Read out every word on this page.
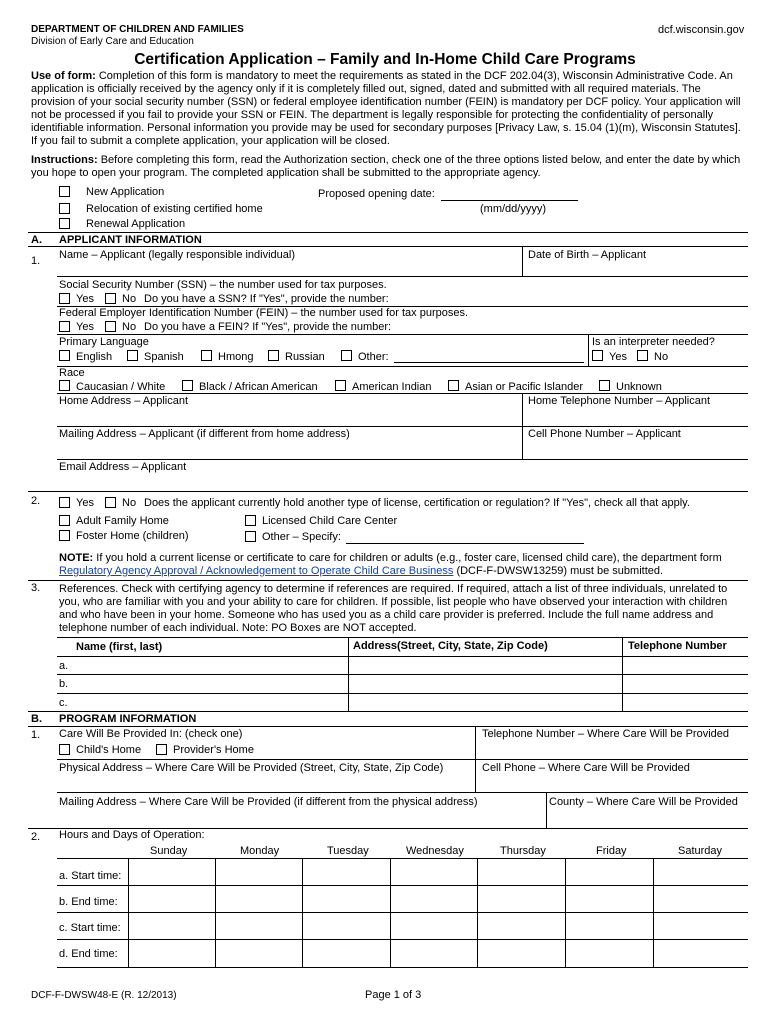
DEPARTMENT OF CHILDREN AND FAMILIES
Division of Early Care and Education
dcf.wisconsin.gov
Certification Application – Family and In-Home Child Care Programs
Use of form: Completion of this form is mandatory to meet the requirements as stated in the DCF 202.04(3), Wisconsin Administrative Code. An application is officially received by the agency only if it is completely filled out, signed, dated and submitted with all required materials. The provision of your social security number (SSN) or federal employee identification number (FEIN) is mandatory per DCF policy. Your application will not be processed if you fail to provide your SSN or FEIN. The department is legally responsible for protecting the confidentiality of personally identifiable information. Personal information you provide may be used for secondary purposes [Privacy Law, s. 15.04 (1)(m), Wisconsin Statutes]. If you fail to submit a complete application, your application will be closed.
Instructions: Before completing this form, read the Authorization section, check one of the three options listed below, and enter the date by which you hope to open your program. The completed application shall be submitted to the appropriate agency.
New Application
Relocation of existing certified home
Renewal Application
Proposed opening date:
(mm/dd/yyyy)
A. APPLICANT INFORMATION
1. Name – Applicant (legally responsible individual)	Date of Birth – Applicant
Social Security Number (SSN) – the number used for tax purposes.
Yes	No Do you have a SSN? If "Yes", provide the number:
Federal Employer Identification Number (FEIN) – the number used for tax purposes.
Yes	No Do you have a FEIN? If "Yes", provide the number:
Primary Language	Is an interpreter needed?
English	Spanish	Hmong	Russian	Other:	Yes No
Race
Caucasian / White	Black / African American	American Indian	Asian or Pacific Islander	Unknown
Home Address – Applicant	Home Telephone Number – Applicant
Mailing Address – Applicant (if different from home address)	Cell Phone Number – Applicant
Email Address – Applicant
2.	Yes	No Does the applicant currently hold another type of license, certification or regulation? If "Yes", check all that apply.
Adult Family Home
Foster Home (children)
Licensed Child Care Center
Other – Specify:
NOTE: If you hold a current license or certificate to care for children or adults (e.g., foster care, licensed child care), the department form
Regulatory Agency Approval / Acknowledgement to Operate Child Care Business (DCF-F-DWSW13259) must be submitted.
3. References. Check with certifying agency to determine if references are required. If required, attach a list of three individuals, unrelated to you, who are familiar with you and your ability to care for children. If possible, list people who have observed your interaction with children and who have been in your home. Someone who has used you as a child care provider is preferred. Include the full name address and telephone number of each individual. Note: PO Boxes are NOT accepted.
Name (first, last)	Address(Street, City, State, Zip Code)	Telephone Number
a.
b.
c.
B. PROGRAM INFORMATION
1. Care Will Be Provided In: (check one)	Telephone Number – Where Care Will be Provided
Child's Home	Provider's Home
Physical Address – Where Care Will be Provided (Street, City, State, Zip Code)	Cell Phone – Where Care Will be Provided
Mailing Address – Where Care Will be Provided (if different from the physical address)	County – Where Care Will be Provided
2. Hours and Days of Operation:
Sunday	Monday	Tuesday	Wednesday	Thursday	Friday	Saturday
a. Start time:
b. End time:
c. Start time:
d. End time:
DCF-F-DWSW48-E (R. 12/2013)	Page 1 of 3
